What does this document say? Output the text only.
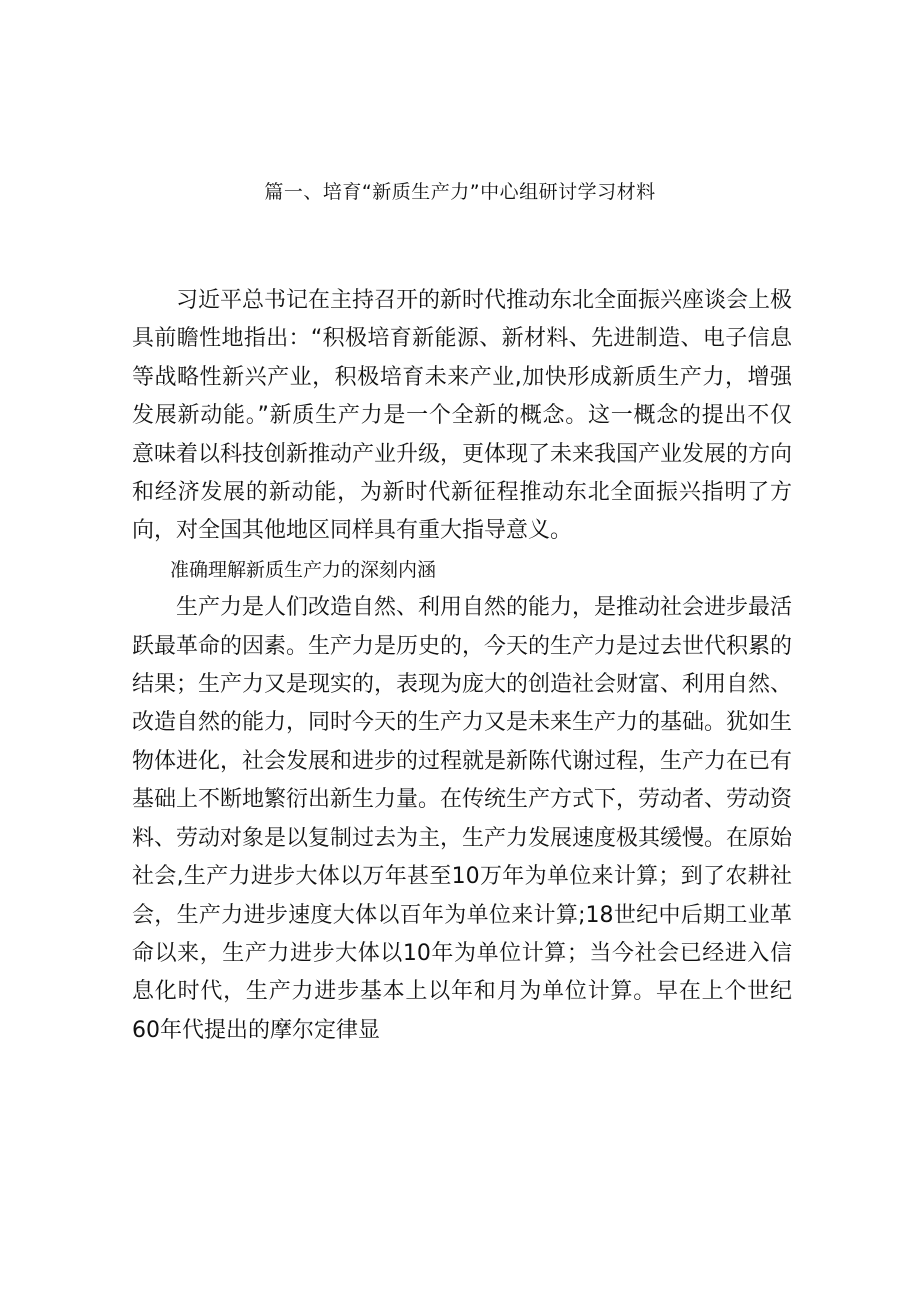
篇一、培育“新质生产力”中心组研讨学习材料

习近平总书记在主持召开的新时代推动东北全面振兴座谈会上极具前瞻性地指出：“积极培育新能源、新材料、先进制造、电子信息等战略性新兴产业，积极培育未来产业,加快形成新质生产力，增强发展新动能。”新质生产力是一个全新的概念。这一概念的提出不仅意味着以科技创新推动产业升级，更体现了未来我国产业发展的方向和经济发展的新动能，为新时代新征程推动东北全面振兴指明了方向，对全国其他地区同样具有重大指导意义。

准确理解新质生产力的深刻内涵

生产力是人们改造自然、利用自然的能力，是推动社会进步最活跃最革命的因素。生产力是历史的，今天的生产力是过去世代积累的结果；生产力又是现实的，表现为庞大的创造社会财富、利用自然、改造自然的能力，同时今天的生产力又是未来生产力的基础。犹如生物体进化，社会发展和进步的过程就是新陈代谢过程，生产力在已有基础上不断地繁衍出新生力量。在传统生产方式下，劳动者、劳动资料、劳动对象是以复制过去为主，生产力发展速度极其缓慢。在原始社会,生产力进步大体以万年甚至10万年为单位来计算；到了农耕社会，生产力进步速度大体以百年为单位来计算;18世纪中后期工业革命以来，生产力进步大体以10年为单位计算；当今社会已经进入信息化时代，生产力进步基本上以年和月为单位计算。早在上个世纪60年代提出的摩尔定律显
